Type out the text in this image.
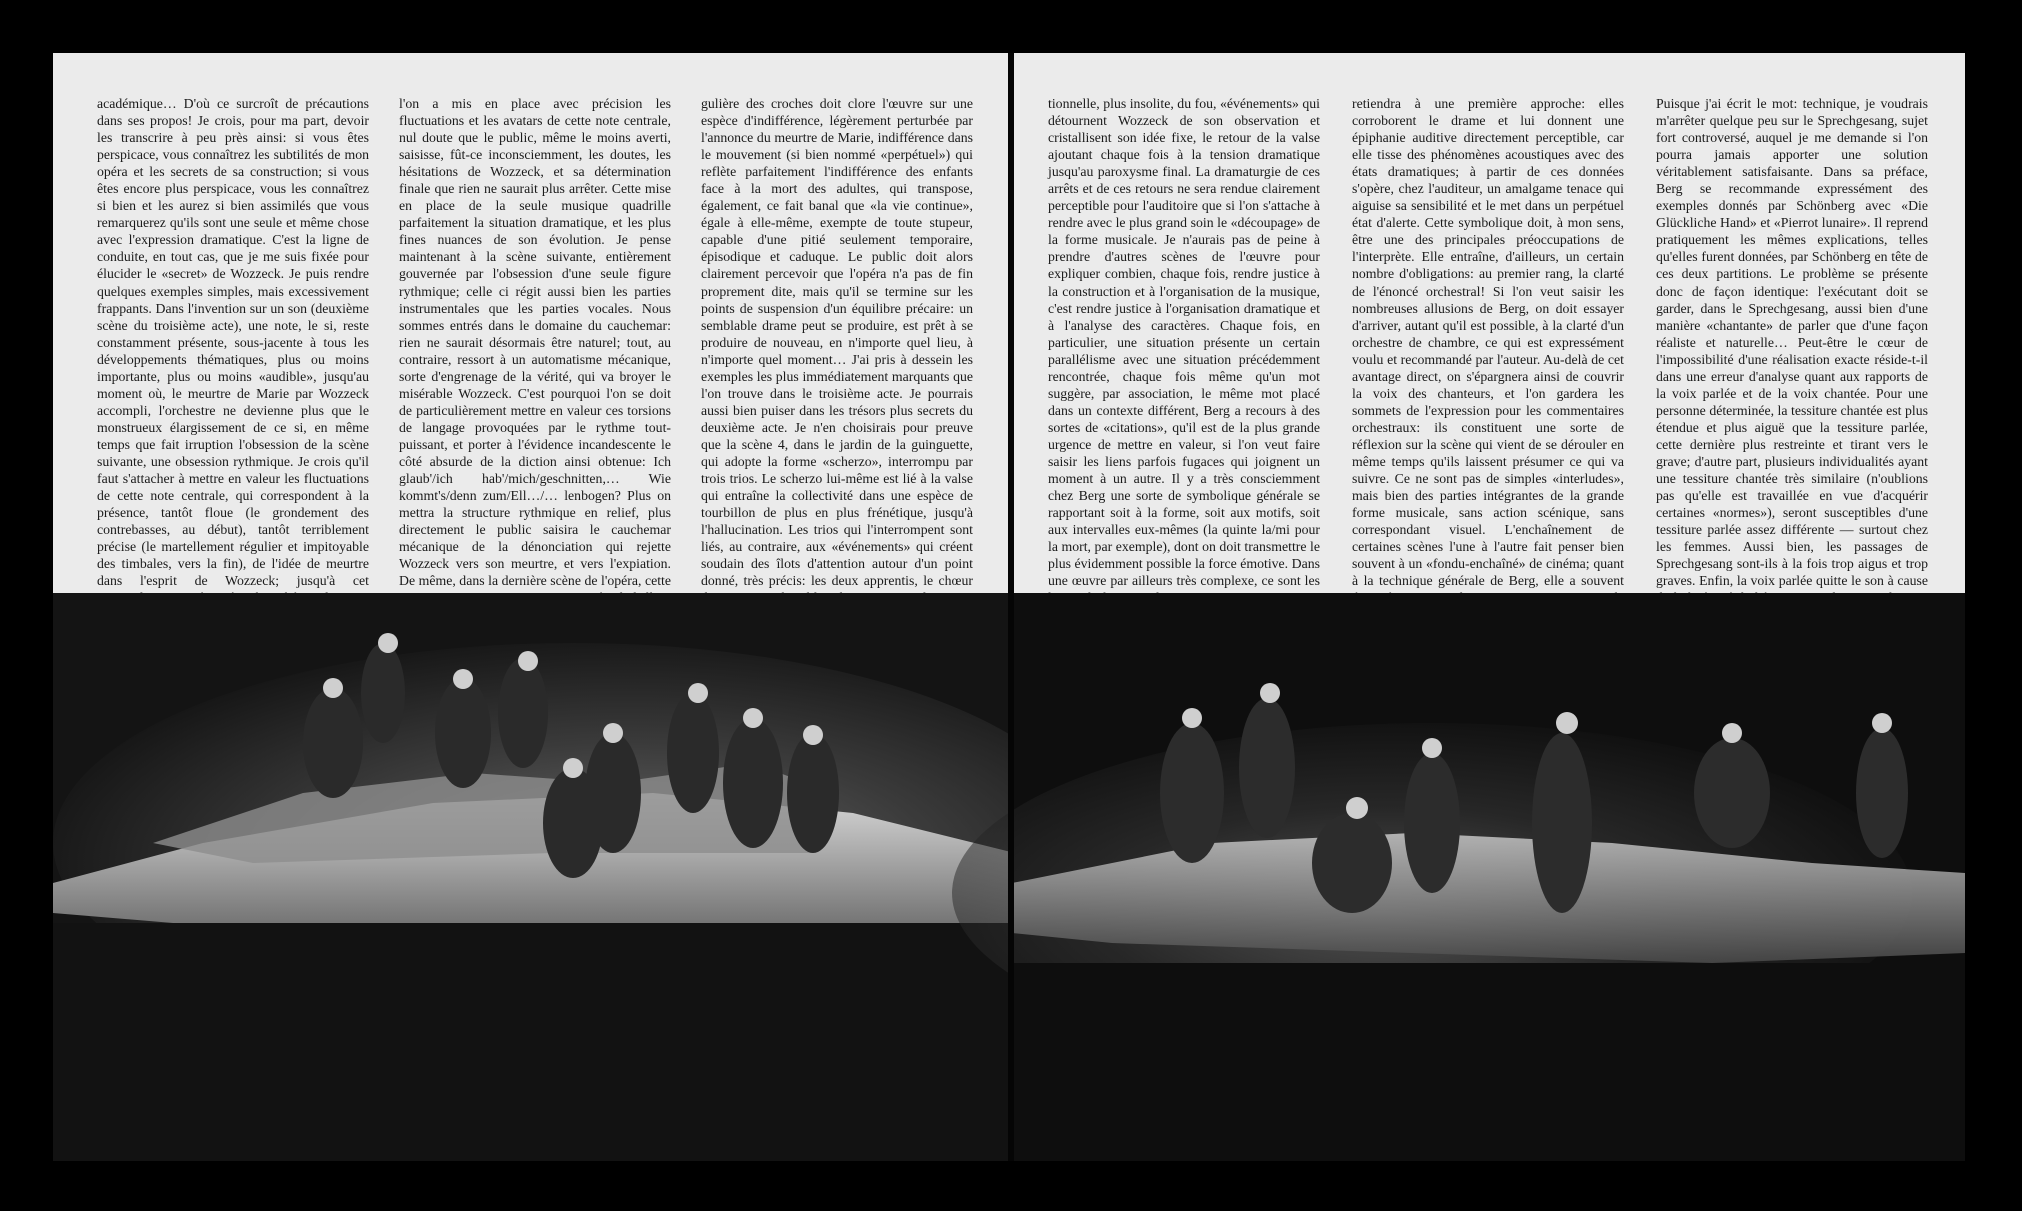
académique… D'où ce surcroît de précautions dans ses propos! Je crois, pour ma part, devoir les transcrire à peu près ainsi: si vous êtes perspicace, vous connaîtrez les subtilités de mon opéra et les secrets de sa construction; si vous êtes encore plus perspicace, vous les connaîtrez si bien et les aurez si bien assimilés que vous remarquerez qu'ils sont une seule et même chose avec l'expression dramatique. C'est la ligne de conduite, en tout cas, que je me suis fixée pour élucider le «secret» de Wozzeck. Je puis rendre quelques exemples simples, mais excessivement frappants. Dans l'invention sur un son (deuxième scène du troisième acte), une note, le si, reste constamment présente, sous-jacente à tous les développements thématiques, plus ou moins importante, plus ou moins «audible», jusqu'au moment où, le meurtre de Marie par Wozzeck accompli, l'orchestre ne devienne plus que le monstrueux élargissement de ce si, en même temps que fait irruption l'obsession de la scène suivante, une obsession rythmique. Je crois qu'il faut s'attacher à mettre en valeur les fluctuations de cette note centrale, qui correspondent à la présence, tantôt floue (le grondement des contrebasses, au début), tantôt terriblement précise (le martellement régulier et impitoyable des timbales, vers la fin), de l'idée de meurtre dans l'esprit de Wozzeck; jusqu'à cet
l'on a mis en place avec précision les fluctuations et les avatars de cette note centrale, nul doute que le public, même le moins averti, saisisse, fût-ce inconsciemment, les doutes, les hésitations de Wozzeck, et sa détermination finale que rien ne saurait plus arrêter. Cette mise en place de la seule musique quadrille parfaitement la situation dramatique, et les plus fines nuances de son évolution. Je pense maintenant à la scène suivante, entièrement gouvernée par l'obsession d'une seule figure rythmique; celle ci régit aussi bien les parties instrumentales que les parties vocales. Nous sommes entrés dans le domaine du cauchemar: rien ne saurait désormais être naturel; tout, au contraire, ressort à un automatisme mécanique, sorte d'engrenage de la vérité, qui va broyer le misérable Wozzeck. C'est pourquoi l'on se doit de particulièrement mettre en valeur ces torsions de langage provoquées par le rythme tout-puissant, et porter à l'évidence incandescente le côté absurde de la diction ainsi obtenue: Ich glaub'/ich hab'/mich/geschnitten,… Wie kommt's/denn zum/Ell…/… lenbogen? Plus on mettra la structure rythmique en relief, plus directement le public saisira le cauchemar mécanique de la dénonciation qui rejette Wozzeck vers son meurtre, et vers l'expiation. De même, dans la dernière scène de l'opéra, cette
gulière des croches doit clore l'œuvre sur une espèce d'indifférence, légèrement perturbée par l'annonce du meurtre de Marie, indifférence dans le mouvement (si bien nommé «perpétuel») qui reflète parfaitement l'indifférence des enfants face à la mort des adultes, qui transpose, également, ce fait banal que «la vie continue», égale à elle-même, exempte de toute stupeur, capable d'une pitié seulement temporaire, épisodique et caduque. Le public doit alors clairement percevoir que l'opéra n'a pas de fin proprement dite, mais qu'il se termine sur les points de suspension d'un équilibre précaire: un semblable drame peut se produire, est prêt à se produire de nouveau, en n'importe quel lieu, à n'importe quel moment… J'ai pris à dessein les exemples les plus immédiatement marquants que l'on trouve dans le troisième acte. Je pourrais aussi bien puiser dans les trésors plus secrets du deuxième acte. Je n'en choisirais pour preuve que la scène 4, dans le jardin de la guinguette, qui adopte la forme «scherzo», interrompu par trois trios. Le scherzo lui-même est lié à la valse qui entraîne la collectivité dans une espèce de tourbillon de plus en plus frénétique, jusqu'à l'hallucination. Les trios qui l'interrompent sont liés, au contraire, aux «événements» qui créent soudain des îlots d'attention autour d'un point donné, très précis: les deux apprentis, le chœur
tionnelle, plus insolite, du fou, «événements» qui détournent Wozzeck de son observation et cristallisent son idée fixe, le retour de la valse ajoutant chaque fois à la tension dramatique jusqu'au paroxysme final. La dramaturgie de ces arrêts et de ces retours ne sera rendue clairement perceptible pour l'auditoire que si l'on s'attache à rendre avec le plus grand soin le «découpage» de la forme musicale. Je n'aurais pas de peine à prendre d'autres scènes de l'œuvre pour expliquer combien, chaque fois, rendre justice à la construction et à l'organisation de la musique, c'est rendre justice à l'organisation dramatique et à l'analyse des caractères. Chaque fois, en particulier, une situation présente un certain parallélisme avec une situation précédemment rencontrée, chaque fois même qu'un mot suggère, par association, le même mot placé dans un contexte différent, Berg a recours à des sortes de «citations», qu'il est de la plus grande urgence de mettre en valeur, si l'on veut faire saisir les liens parfois fugaces qui joignent un moment à un autre. Il y a très consciemment chez Berg une sorte de symbolique générale se rapportant soit à la forme, soit aux motifs, soit aux intervalles eux-mêmes (la quinte la/mi pour la mort, par exemple), dont on doit transmettre le plus évidemment possible la force émotive. Dans une œuvre par ailleurs très complexe, ce sont les
retiendra à une première approche: elles corroborent le drame et lui donnent une épiphanie auditive directement perceptible, car elle tisse des phénomènes acoustiques avec des états dramatiques; à partir de ces données s'opère, chez l'auditeur, un amalgame tenace qui aiguise sa sensibilité et le met dans un perpétuel état d'alerte. Cette symbolique doit, à mon sens, être une des principales préoccupations de l'interprète. Elle entraîne, d'ailleurs, un certain nombre d'obligations: au premier rang, la clarté de l'énoncé orchestral! Si l'on veut saisir les nombreuses allusions de Berg, on doit essayer d'arriver, autant qu'il est possible, à la clarté d'un orchestre de chambre, ce qui est expressément voulu et recommandé par l'auteur. Au-delà de cet avantage direct, on s'épargnera ainsi de couvrir la voix des chanteurs, et l'on gardera les sommets de l'expression pour les commentaires orchestraux: ils constituent une sorte de réflexion sur la scène qui vient de se dérouler en même temps qu'ils laissent présumer ce qui va suivre. Ce ne sont pas de simples «interludes», mais bien des parties intégrantes de la grande forme musicale, sans action scénique, sans correspondant visuel. L'enchaînement de certaines scènes l'une à l'autre fait penser bien souvent à un «fondu-enchaîné» de cinéma; quant à la technique générale de Berg, elle a souvent
Puisque j'ai écrit le mot: technique, je voudrais m'arrêter quelque peu sur le Sprechgesang, sujet fort controversé, auquel je me demande si l'on pourra jamais apporter une solution véritablement satisfaisante. Dans sa préface, Berg se recommande expressément des exemples donnés par Schönberg avec «Die Glückliche Hand» et «Pierrot lunaire». Il reprend pratiquement les mêmes explications, telles qu'elles furent données, par Schönberg en tête de ces deux partitions. Le problème se présente donc de façon identique: l'exécutant doit se garder, dans le Sprechgesang, aussi bien d'une manière «chantante» de parler que d'une façon réaliste et naturelle… Peut-être le cœur de l'impossibilité d'une réalisation exacte réside-t-il dans une erreur d'analyse quant aux rapports de la voix parlée et de la voix chantée. Pour une personne déterminée, la tessiture chantée est plus étendue et plus aiguë que la tessiture parlée, cette dernière plus restreinte et tirant vers le grave; d'autre part, plusieurs individualités ayant une tessiture chantée très similaire (n'oublions pas qu'elle est travaillée en vue d'acquérir certaines «normes»), seront susceptibles d'une tessiture parlée assez différente — surtout chez les femmes. Aussi bien, les passages de Sprechgesang sont-ils à la fois trop aigus et trop graves. Enfin, la voix parlée quitte le son à cause
